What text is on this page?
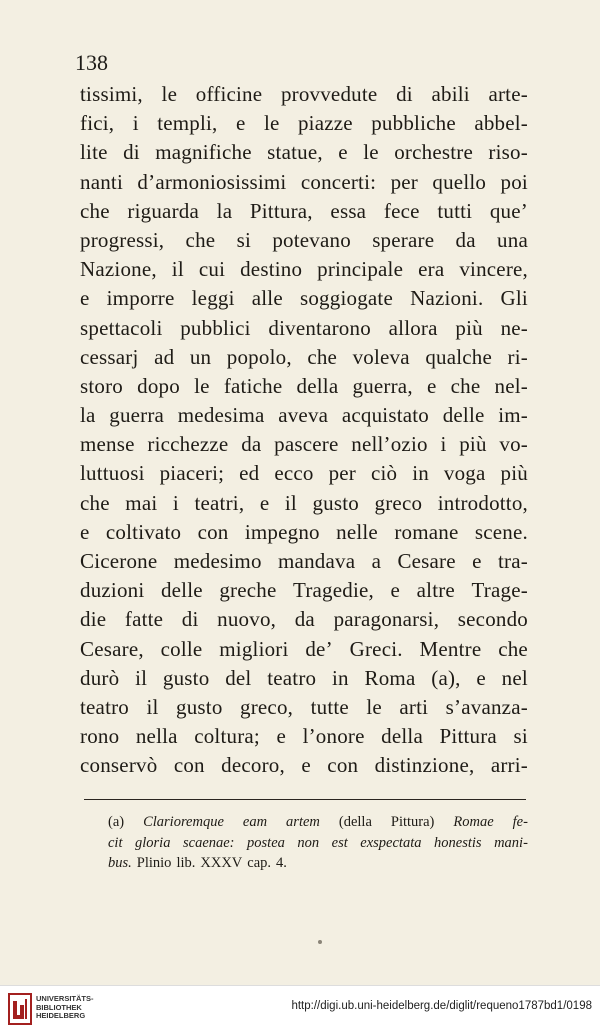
138
tissimi, le officine provvedute di abili arte-
fici, i templi, e le piazze pubbliche abbel-
lite di magnifiche statue, e le orchestre riso-
nanti d’armoniosissimi concerti: per quello poi
che riguarda la Pittura, essa fece tutti que’
progressi, che si potevano sperare da una
Nazione, il cui destino principale era vincere,
e imporre leggi alle soggiogate Nazioni. Gli
spettacoli pubblici diventarono allora più ne-
cessarj ad un popolo, che voleva qualche ri-
storo dopo le fatiche della guerra, e che nel-
la guerra medesima aveva acquistato delle im-
mense ricchezze da pascere nell’ozio i più vo-
luttuosi piaceri; ed ecco per ciò in voga più
che mai i teatri, e il gusto greco introdotto,
e coltivato con impegno nelle romane scene.
Cicerone medesimo mandava a Cesare e tra-
duzioni delle greche Tragedie, e altre Trage-
die fatte di nuovo, da paragonarsi, secondo
Cesare, colle migliori de’ Greci. Mentre che
durò il gusto del teatro in Roma (a), e nel
teatro il gusto greco, tutte le arti s’avanza-
rono nella coltura; e l’onore della Pittura si
conservò con decoro, e con distinzione, arri-
(a) Clarioremque eam artem (della Pittura) Romae fe-
cit gloria scaenae: postea non est exspectata honestis mani-
bus. Plinio lib. XXXV cap. 4.
UNIVERSITÄTS-
BIBLIOTHEK
HEIDELBERG
http://digi.ub.uni-heidelberg.de/diglit/requeno1787bd1/0198
